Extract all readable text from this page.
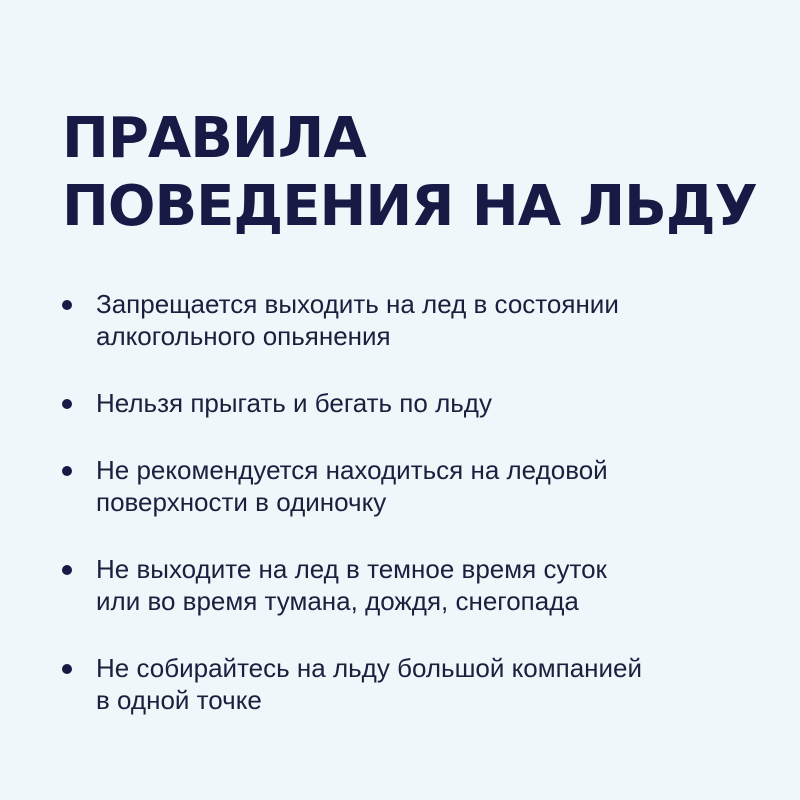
ПРАВИЛА
ПОВЕДЕНИЯ НА ЛЬДУ
Запрещается выходить на лед в состоянии
алкогольного опьянения
Нельзя прыгать и бегать по льду
Не рекомендуется находиться на ледовой
поверхности в одиночку
Не выходите на лед в темное время суток
или во время тумана, дождя, снегопада
Не собирайтесь на льду большой компанией
в одной точке
